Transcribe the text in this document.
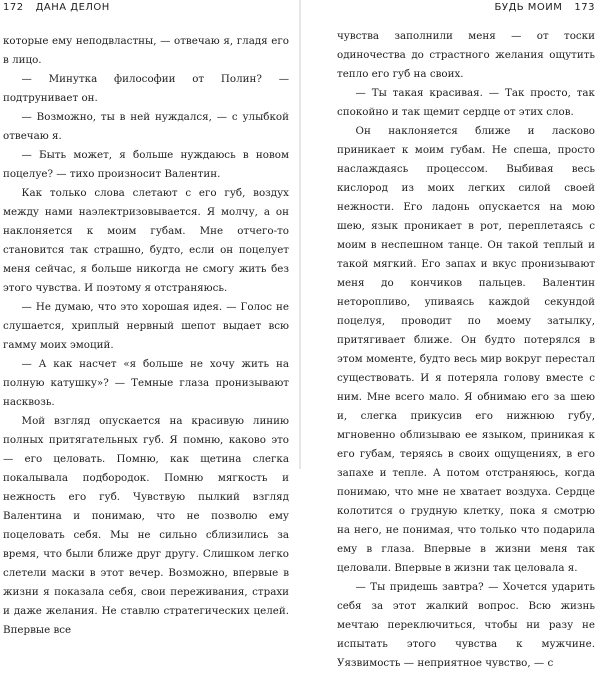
172 ДАНА ДЕЛОН

которые ему неподвластны, — отвечаю я, гладя его в лицо.

— Минутка философии от Полин? — подтрунивает он.

— Возможно, ты в ней нуждался, — с улыбкой отвечаю я.

— Быть может, я больше нуждаюсь в новом поцелуе? — тихо произносит Валентин.

Как только слова слетают с его губ, воздух между нами наэлектризовывается. Я молчу, а он наклоняется к моим губам. Мне отчего-то становится так страшно, будто, если он поцелует меня сейчас, я больше никогда не смогу жить без этого чувства. И поэтому я отстраняюсь.

— Не думаю, что это хорошая идея. — Голос не слушается, хриплый нервный шепот выдает всю гамму моих эмоций.

— А как насчет «я больше не хочу жить на полную катушку»? — Темные глаза пронизывают насквозь.

Мой взгляд опускается на красивую линию полных притягательных губ. Я помню, каково это — его целовать. Помню, как щетина слегка покалывала подбородок. Помню мягкость и нежность его губ. Чувствую пылкий взгляд Валентина и понимаю, что не позволю ему поцеловать себя. Мы не сильно сблизились за время, что были ближе друг другу. Слишком легко слетели маски в этот вечер. Возможно, впервые в жизни я показала себя, свои переживания, страхи и даже желания. Не ставлю стратегических целей. Впервые все

БУДЬ МОИМ 173

чувства заполнили меня — от тоски одиночества до страстного желания ощутить тепло его губ на своих.

— Ты такая красивая. — Так просто, так спокойно и так щемит сердце от этих слов.

Он наклоняется ближе и ласково приникает к моим губам. Не спеша, просто наслаждаясь процессом. Выбивая весь кислород из моих легких силой своей нежности. Его ладонь опускается на мою шею, язык проникает в рот, переплетаясь с моим в неспешном танце. Он такой теплый и такой мягкий. Его запах и вкус пронизывают меня до кончиков пальцев. Валентин неторопливо, упиваясь каждой секундой поцелуя, проводит по моему затылку, притягивает ближе. Он будто потерялся в этом моменте, будто весь мир вокруг перестал существовать. И я потеряла голову вместе с ним. Мне всего мало. Я обнимаю его за шею и, слегка прикусив его нижнюю губу, мгновенно облизываю ее языком, приникая к его губам, теряясь в своих ощущениях, в его запахе и тепле. А потом отстраняюсь, когда понимаю, что мне не хватает воздуха. Сердце колотится о грудную клетку, пока я смотрю на него, не понимая, что только что подарила ему в глаза. Впервые в жизни меня так целовали. Впервые в жизни так целовала я.

— Ты придешь завтра? — Хочется ударить себя за этот жалкий вопрос. Всю жизнь мечтаю переключиться, чтобы ни разу не испытать этого чувства к мужчине. Уязвимость — неприятное чувство, — с
